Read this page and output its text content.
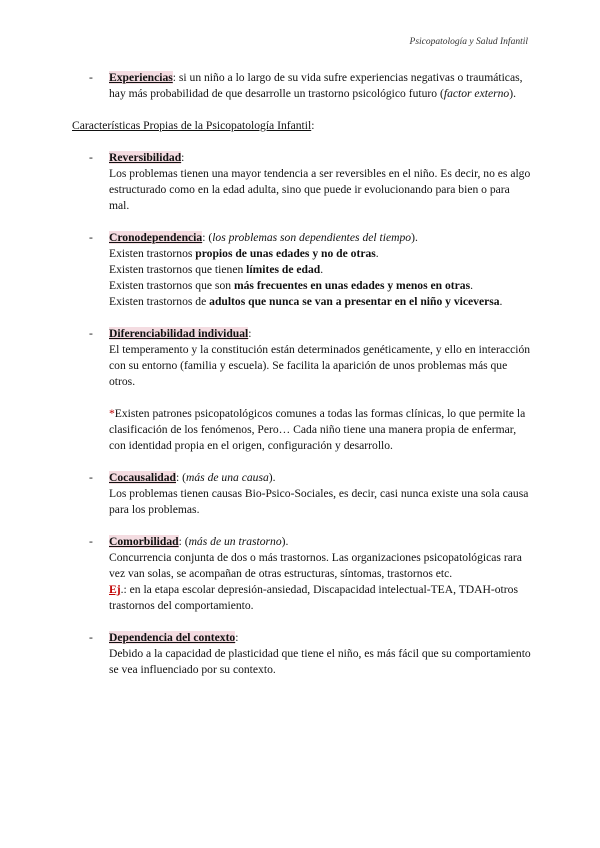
Psicopatología y Salud Infantil
- Experiencias: si un niño a lo largo de su vida sufre experiencias negativas o traumáticas, hay más probabilidad de que desarrolle un trastorno psicológico futuro (factor externo).

Características Propias de la Psicopatología Infantil:

- Reversibilidad:

Los problemas tienen una mayor tendencia a ser reversibles en el niño. Es decir, no es algo estructurado como en la edad adulta, sino que puede ir evolucionando para bien o para mal.

- Cronodependencia: (los problemas son dependientes del tiempo).

Existen trastornos propios de unas edades y no de otras.

Existen trastornos que tienen límites de edad.

Existen trastornos que son más frecuentes en unas edades y menos en otras.

Existen trastornos de adultos que nunca se van a presentar en el niño y viceversa.

- Diferenciabilidad individual:

El temperamento y la constitución están determinados genéticamente, y ello en interacción con su entorno (familia y escuela). Se facilita la aparición de unos problemas más que otros.

*Existen patrones psicopatológicos comunes a todas las formas clínicas, lo que permite la clasificación de los fenómenos, Pero… Cada niño tiene una manera propia de enfermar, con identidad propia en el origen, configuración y desarrollo.

- Cocausalidad: (más de una causa).

Los problemas tienen causas Bio-Psico-Sociales, es decir, casi nunca existe una sola causa para los problemas.

- Comorbilidad: (más de un trastorno).

Concurrencia conjunta de dos o más trastornos. Las organizaciones psicopatológicas rara vez van solas, se acompañan de otras estructuras, síntomas, trastornos etc.

Ej.: en la etapa escolar depresión-ansiedad, Discapacidad intelectual-TEA, TDAH-otros trastornos del comportamiento.

- Dependencia del contexto:

Debido a la capacidad de plasticidad que tiene el niño, es más fácil que su comportamiento se vea influenciado por su contexto.
